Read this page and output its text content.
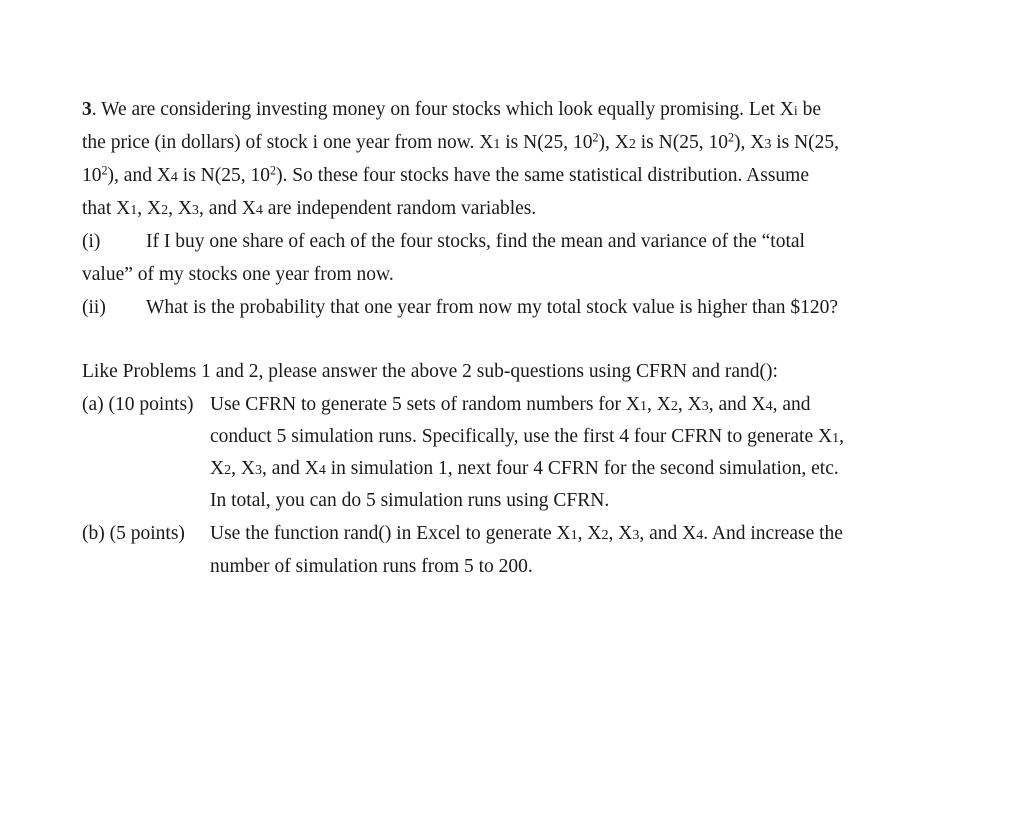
3. We are considering investing money on four stocks which look equally promising. Let Xi be
the price (in dollars) of stock i one year from now. X1 is N(25, $10^2$), X2 is N(25, $10^2$), X3 is N(25,
$10^2$), and X4 is N(25, $10^2$). So these four stocks have the same statistical distribution. Assume
that X1, X2, X3, and X4 are independent random variables.
(i) If I buy one share of each of the four stocks, find the mean and variance of the “total
value” of my stocks one year from now.
(ii) What is the probability that one year from now my total stock value is higher than $120?
Like Problems 1 and 2, please answer the above 2 sub-questions using CFRN and rand():
(a) (10 points) Use CFRN to generate 5 sets of random numbers for X1, X2, X3, and X4, and
conduct 5 simulation runs. Specifically, use the first 4 four CFRN to generate X1,
X2, X3, and X4 in simulation 1, next four 4 CFRN for the second simulation, etc.
In total, you can do 5 simulation runs using CFRN.
(b) (5 points) Use the function rand() in Excel to generate X1, X2, X3, and X4. And increase the
number of simulation runs from 5 to 200.
